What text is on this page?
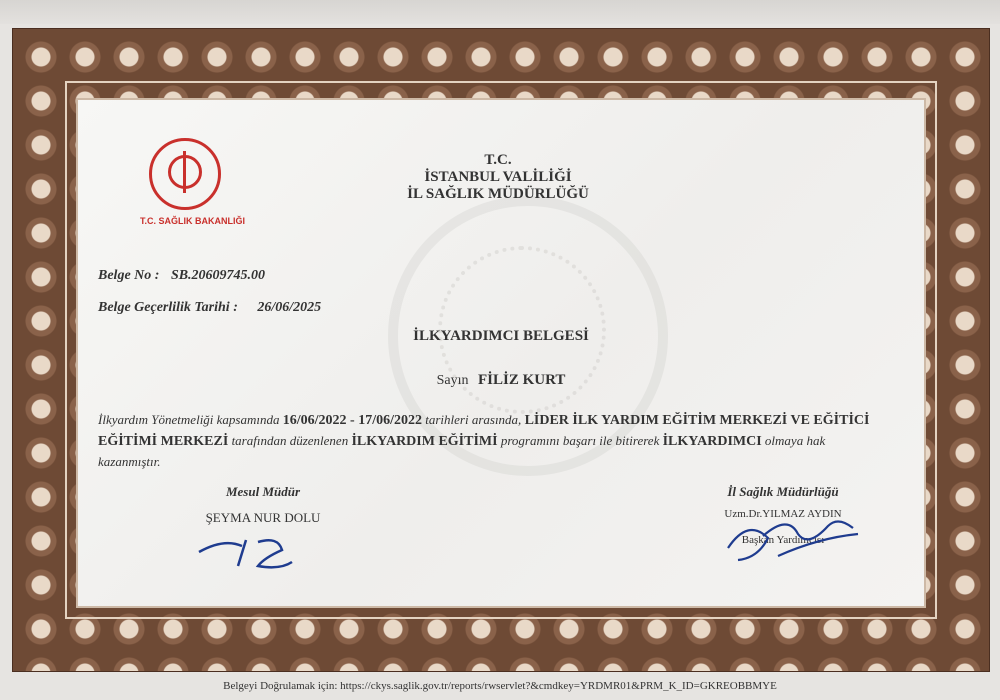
T.C. SAĞLIK BAKANLIĞI
T.C.
İSTANBUL VALİLİĞİ
İL SAĞLIK MÜDÜRLÜĞÜ
Belge No : SB.20609745.00
Belge Geçerlilik Tarihi : 26/06/2025
İLKYARDIMCI BELGESİ
Sayın FİLİZ KURT
İlkyardım Yönetmeliği kapsamında 16/06/2022 - 17/06/2022 tarihleri arasında, LİDER İLK YARDIM EĞİTİM MERKEZİ VE EĞİTİCİ EĞİTİMİ MERKEZİ tarafından düzenlenen İLKYARDIM EĞİTİMİ programını başarı ile bitirerek İLKYARDIMCI olmaya hak kazanmıştır.
Mesul Müdür
ŞEYMA NUR DOLU
İl Sağlık Müdürlüğü
Uzm.Dr.YILMAZ AYDIN
Başkan Yardımcısı
Belgeyi Doğrulamak için: https://ckys.saglik.gov.tr/reports/rwservlet?&cmdkey=YRDMR01&PRM_K_ID=GKREOBBMYE
